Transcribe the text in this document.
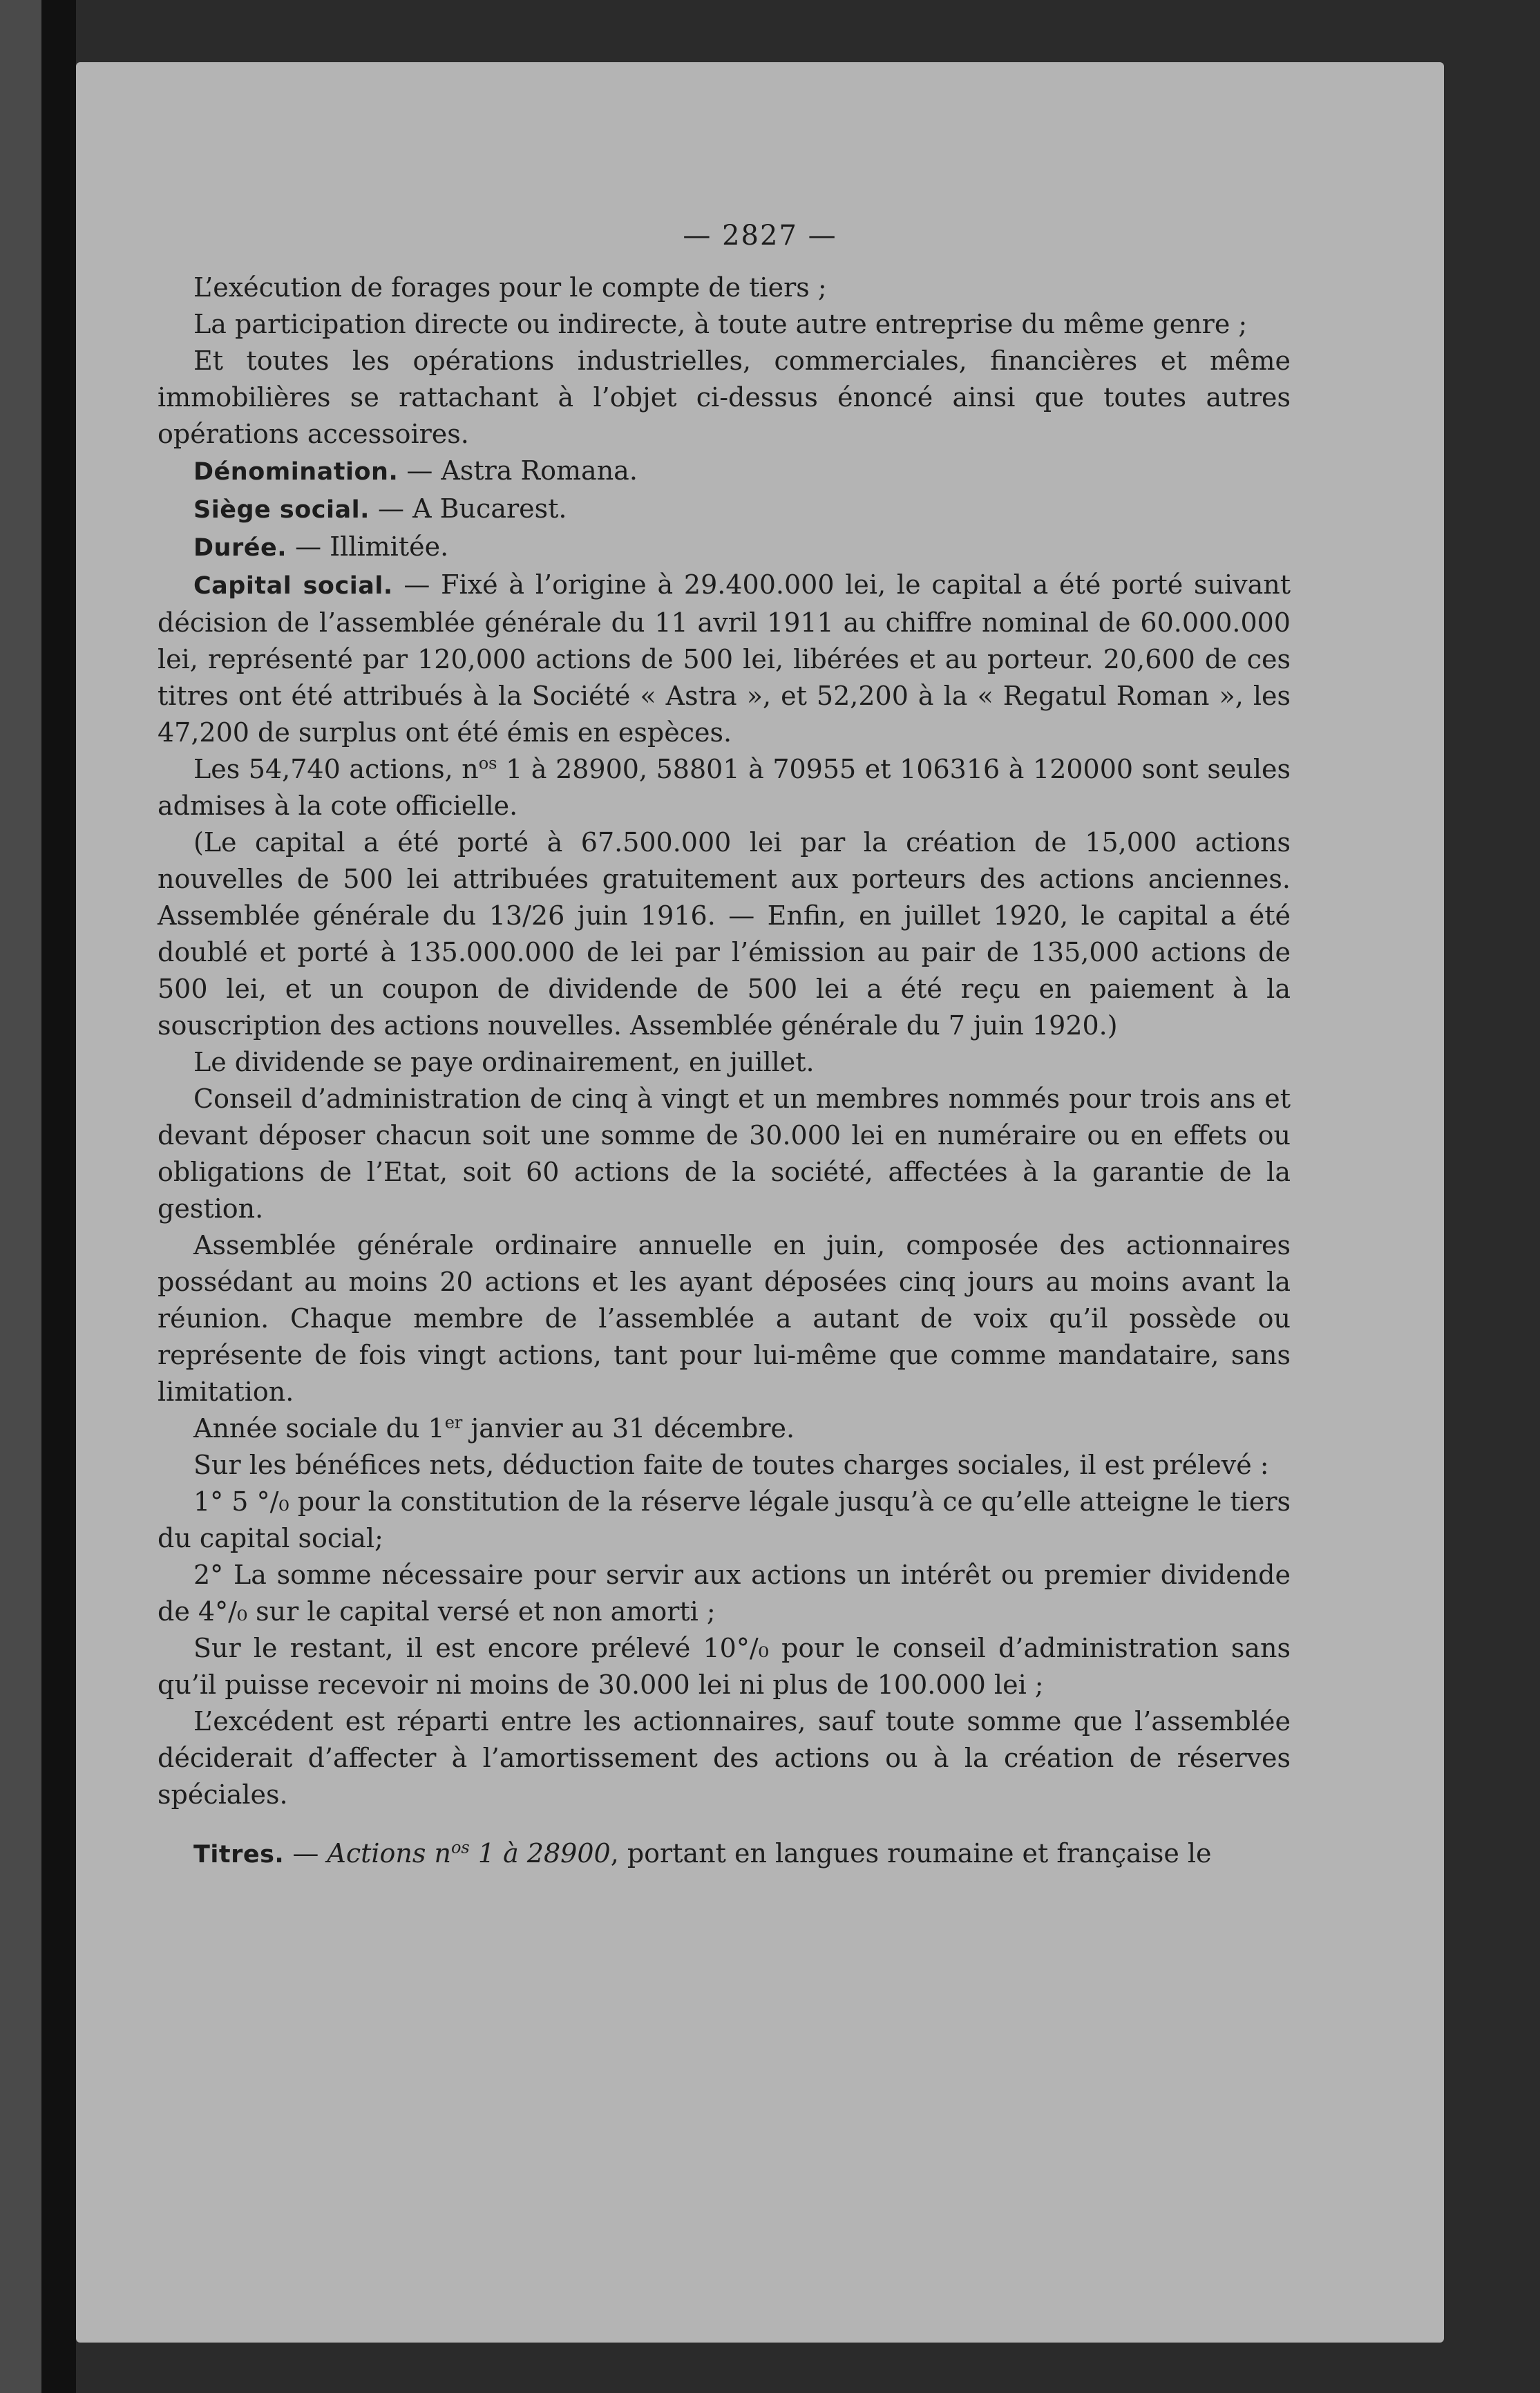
— 2827 —

L’exécution de forages pour le compte de tiers ;

La participation directe ou indirecte, à toute autre entreprise du même genre ;

Et toutes les opérations industrielles, commerciales, financières et même immobilières se rattachant à l’objet ci-dessus énoncé ainsi que toutes autres opérations accessoires.

Dénomination. — Astra Romana.

Siège social. — A Bucarest.

Durée. — Illimitée.

Capital social. — Fixé à l’origine à 29.400.000 lei, le capital a été porté suivant décision de l’assemblée générale du 11 avril 1911 au chiffre nominal de 60.000.000 lei, représenté par 120,000 actions de 500 lei, libérées et au porteur. 20,600 de ces titres ont été attribués à la Société « Astra », et 52,200 à la « Regatul Roman », les 47,200 de surplus ont été émis en espèces.

Les 54,740 actions, $n^{os}$ 1 à 28900, 58801 à 70955 et 106316 à 120000 sont seules admises à la cote officielle.

(Le capital a été porté à 67.500.000 lei par la création de 15,000 actions nouvelles de 500 lei attribuées gratuitement aux porteurs des actions anciennes. Assemblée générale du 13/26 juin 1916. — Enfin, en juillet 1920, le capital a été doublé et porté à 135.000.000 de lei par l’émission au pair de 135,000 actions de 500 lei, et un coupon de dividende de 500 lei a été reçu en paiement à la souscription des actions nouvelles. Assemblée générale du 7 juin 1920.)

Le dividende se paye ordinairement, en juillet.

Conseil d’administration de cinq à vingt et un membres nommés pour trois ans et devant déposer chacun soit une somme de 30.000 lei en numéraire ou en effets ou obligations de l’Etat, soit 60 actions de la société, affectées à la garantie de la gestion.

Assemblée générale ordinaire annuelle en juin, composée des actionnaires possédant au moins 20 actions et les ayant déposées cinq jours au moins avant la réunion. Chaque membre de l’assemblée a autant de voix qu’il possède ou représente de fois vingt actions, tant pour lui-même que comme mandataire, sans limitation.

Année sociale du 1er janvier au 31 décembre.

Sur les bénéfices nets, déduction faite de toutes charges sociales, il est prélevé :

1° 5 °/₀ pour la constitution de la réserve légale jusqu’à ce qu’elle atteigne le tiers du capital social;

2° La somme nécessaire pour servir aux actions un intérêt ou premier dividende de 4°/₀ sur le capital versé et non amorti ;

Sur le restant, il est encore prélevé 10°/₀ pour le conseil d’administration sans qu’il puisse recevoir ni moins de 30.000 lei ni plus de 100.000 lei ;

L’excédent est réparti entre les actionnaires, sauf toute somme que l’assemblée déciderait d’affecter à l’amortissement des actions ou à la création de réserves spéciales.

Titres. — Actions $n^{os}$ 1 à 28900, portant en langues roumaine et française le
